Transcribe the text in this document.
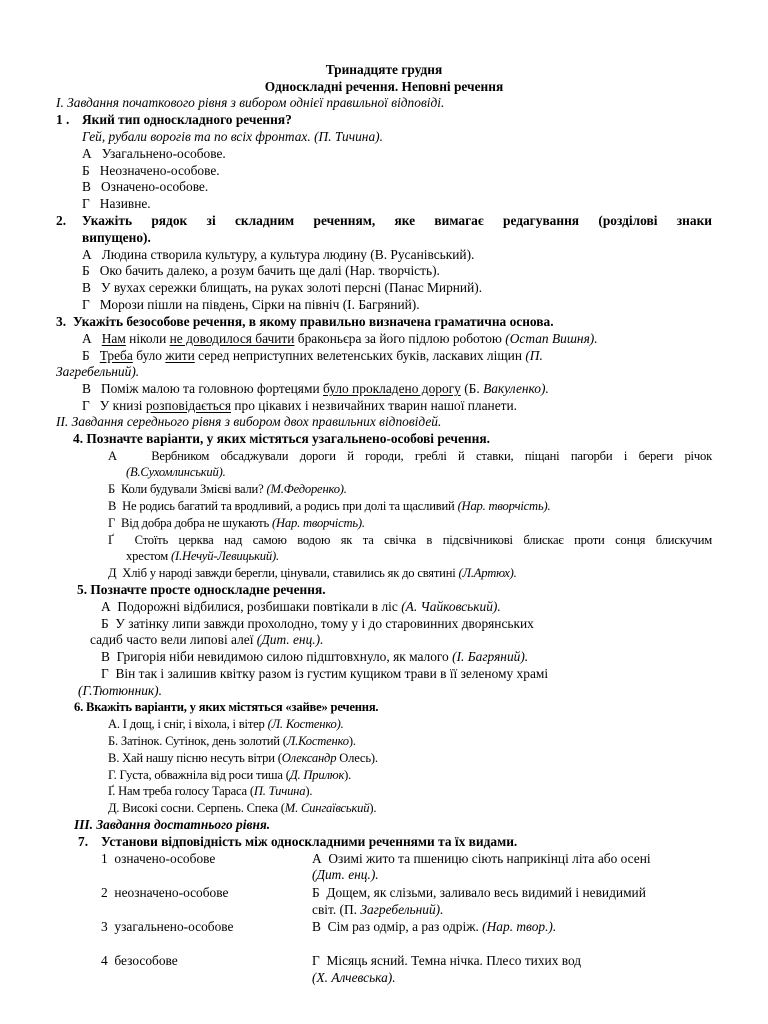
Тринадцяте грудня
Односкладні речення. Неповні речення
І. Завдання початкового рівня з вибором однієї правильної відповіді.
1 . Який тип односкладного речення?
Гей, рубали ворогів та по всіх фронтах. (П. Тичина).
А Узагальнено-особове.
Б Неозначено-особове.
В Означено-особове.
Г Називне.
2. Укажіть рядок зі складним реченням, яке вимагає редагування (розділові знаки
випущено).
А Людина створила культуру, а культура людину (В. Русанівський).
Б Око бачить далеко, а розум бачить ще далі (Нар. творчість).
В У вухах сережки блищать, на руках золоті персні (Панас Мирний).
Г Морози пішли на південь, Сірки на північ (І. Багряний).
3. Укажіть безособове речення, в якому правильно визначена граматична основа.
А Нам ніколи не доводилося бачити браконьєра за його підлою роботою (Остап Вишня).
Б Треба було жити серед неприступних велетенських буків, ласкавих ліщин (П.
Загребельний).
В Поміж малою та головною фортецями було прокладено дорогу (Б. Вакуленко).
Г У книзі розповідається про цікавих і незвичайних тварин нашої планети.
ІІ. Завдання середнього рівня з вибором двох правильних відповідей.
4. Позначте варіанти, у яких містяться узагальнено-особові речення.
А	Вербником обсаджували дороги й городи, греблі й ставки, піщані пагорби і береги річок
(В.Сухомлинський).
Б Коли будували Змієві вали? (М.Федоренко).
В Не родись багатий та вродливий, а родись при долі та щасливий (Нар. творчість).
Г Від добра добра не шукають (Нар. творчість).
Ґ Стоїть церква над самою водою як та свічка в підсвічникові блискає проти сонця блискучим
хрестом (І.Нечуй-Левицький).
Д Хліб у народі завжди берегли, цінували, ставились як до святині (Л.Артюх).
5. Позначте просте односкладне речення.
А Подорожні відбилися, розбишаки повтікали в ліс (А. Чайковський).
Б У затінку липи завжди прохолодно, тому у і до старовинних дворянських
садиб часто вели липові алеї (Дит. енц.).
В Григорія ніби невидимою силою підштовхнуло, як малого (І. Багряний).
Г Він так і залишив квітку разом із густим кущиком трави в її зеленому храмі
(Г.Тютюнник).
6. Вкажіть варіанти, у яких містяться «зайве» речення.
А. І дощ, і сніг, і віхола, і вітер (Л. Костенко).
Б. Затінок. Сутінок, день золотий (Л.Костенко).
В. Хай нашу пісню несуть вітри (Олександр Олесь).
Г. Густа, обважніла від роси тиша (Д. Прилюк).
Ґ. Нам треба голосу Тараса (П. Тичина).
Д. Високі сосни. Серпень. Спека (М. Сингаївський).
ІІІ. Завдання достатнього рівня.
7. Установи відповідність між односкладними реченнями та їх видами.
1 означено-особове	А Озимі жито та пшеницю сіють наприкінці літа або осені
(Дит. енц.).
2 неозначено-особове	Б Дощем, як слізьми, заливало весь видимий і невидимий
світ. (П. Загребельний).
3 узагальнено-особове	В Сім раз одмір, а раз одріж. (Нар. твор.).
4 безособове	Г Місяць ясний. Темна нічка. Плесо тихих вод
(Х. Алчевська).
